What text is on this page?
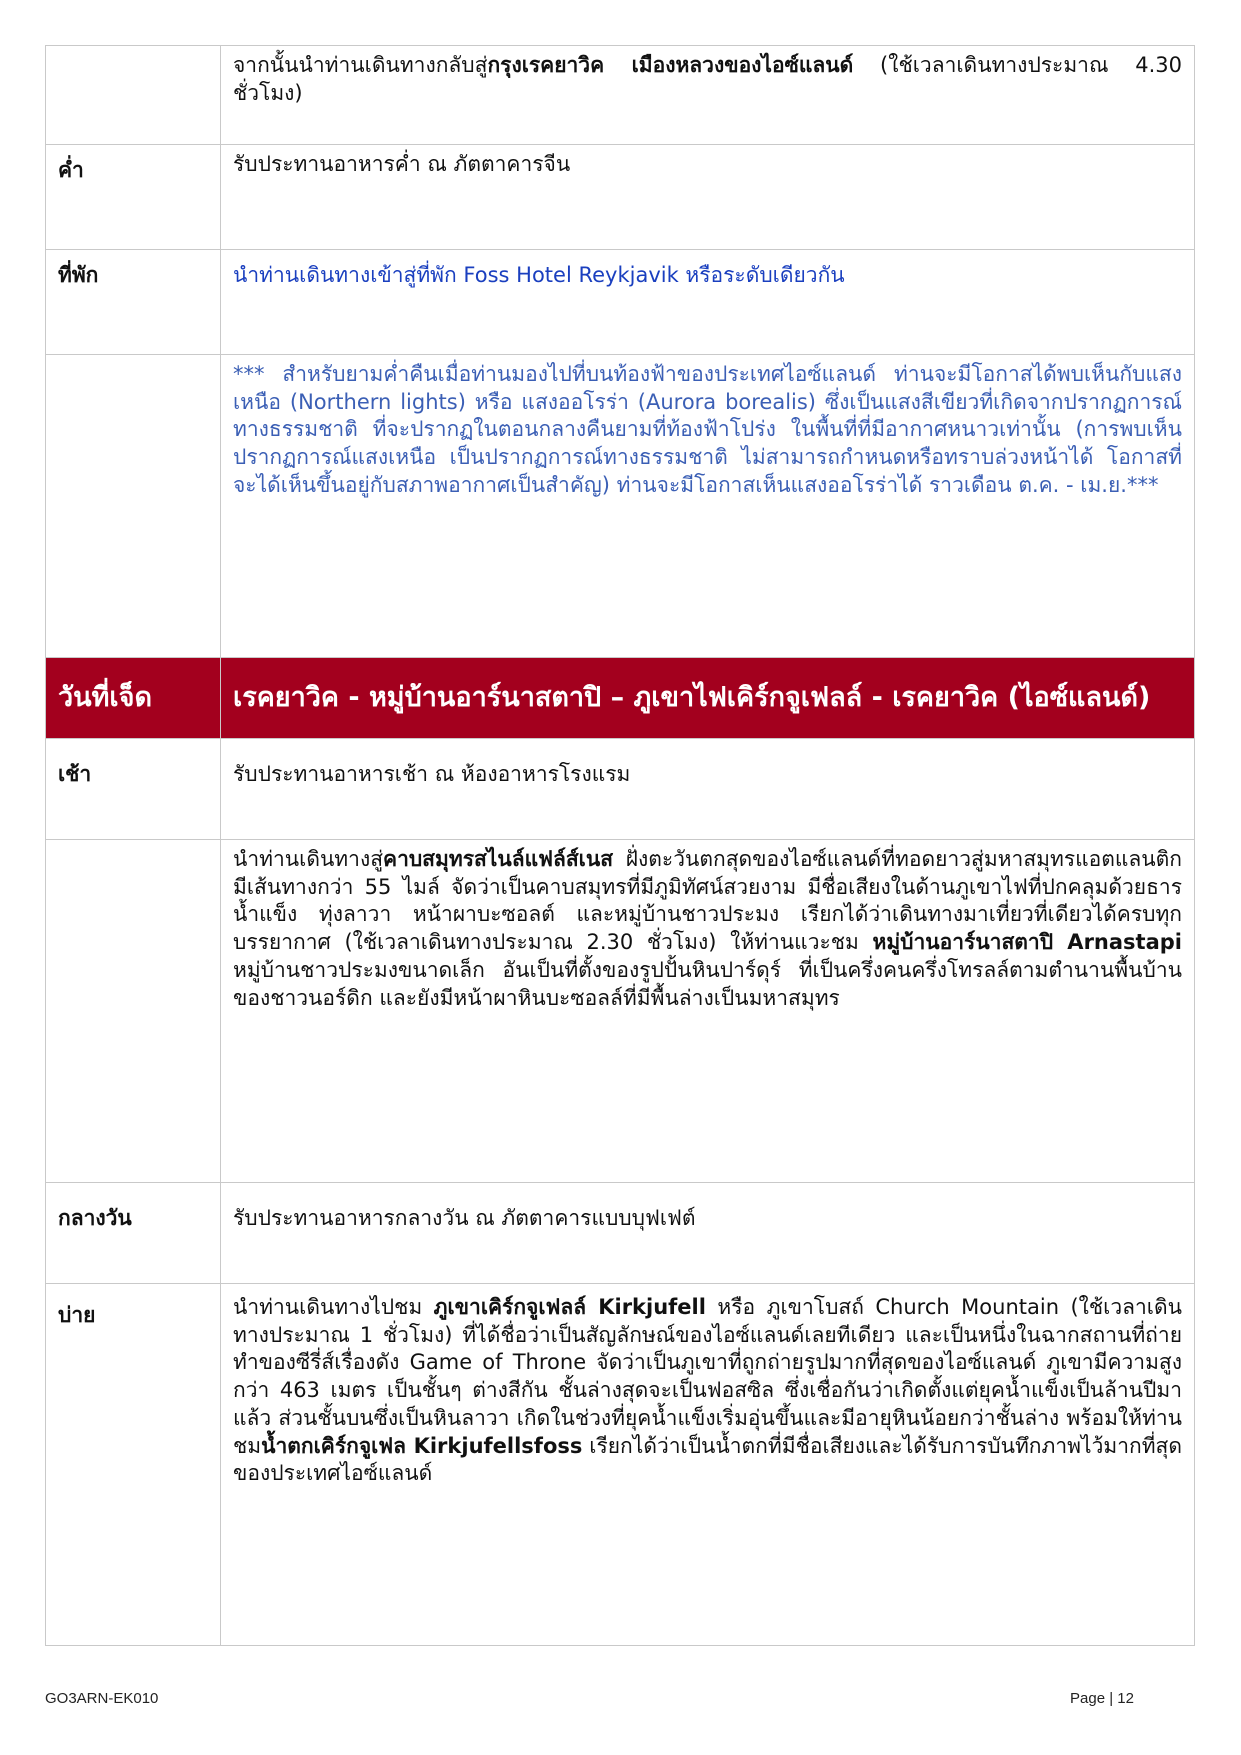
	จากนั้นนำท่านเดินทางกลับสู่กรุงเรคยาวิค เมืองหลวงของไอซ์แลนด์ (ใช้เวลาเดินทางประมาณ 4.30 ชั่วโมง)
ค่ำ	รับประทานอาหารค่ำ ณ ภัตตาคารจีน
ที่พัก	นำท่านเดินทางเข้าสู่ที่พัก Foss Hotel Reykjavik หรือระดับเดียวกัน
	*** สำหรับยามค่ำคืนเมื่อท่านมองไปที่บนท้องฟ้าของประเทศไอซ์แลนด์ ท่านจะมีโอกาสได้พบเห็นกับแสงเหนือ (Northern lights) หรือ แสงออโรร่า (Aurora borealis) ซึ่งเป็นแสงสีเขียวที่เกิดจากปรากฏการณ์ทางธรรมชาติ ที่จะปรากฏในตอนกลางคืนยามที่ท้องฟ้าโปร่ง ในพื้นที่ที่มีอากาศหนาวเท่านั้น (การพบเห็นปรากฏการณ์แสงเหนือ เป็นปรากฏการณ์ทางธรรมชาติ ไม่สามารถกำหนดหรือทราบล่วงหน้าได้ โอกาสที่จะได้เห็นขึ้นอยู่กับสภาพอากาศเป็นสำคัญ) ท่านจะมีโอกาสเห็นแสงออโรร่าได้ ราวเดือน ต.ค. - เม.ย.***
วันที่เจ็ด	เรคยาวิค - หมู่บ้านอาร์นาสตาปิ – ภูเขาไฟเคิร์กจูเฟลล์ - เรคยาวิค (ไอซ์แลนด์)
เช้า	รับประทานอาหารเช้า ณ ห้องอาหารโรงแรม
	นำท่านเดินทางสู่คาบสมุทรสไนล์แฟล์ส์เนส ฝั่งตะวันตกสุดของไอซ์แลนด์ที่ทอดยาวสู่มหาสมุทรแอตแลนติกมีเส้นทางกว่า 55 ไมล์ จัดว่าเป็นคาบสมุทรที่มีภูมิทัศน์สวยงาม มีชื่อเสียงในด้านภูเขาไฟที่ปกคลุมด้วยธารน้ำแข็ง ทุ่งลาวา หน้าผาบะซอลต์ และหมู่บ้านชาวประมง เรียกได้ว่าเดินทางมาเที่ยวที่เดียวได้ครบทุกบรรยากาศ (ใช้เวลาเดินทางประมาณ 2.30 ชั่วโมง) ให้ท่านแวะชม หมู่บ้านอาร์นาสตาปิ Arnastapi หมู่บ้านชาวประมงขนาดเล็ก อันเป็นที่ตั้งของรูปปั้นหินปาร์ดุร์ ที่เป็นครึ่งคนครึ่งโทรลล์ตามตำนานพื้นบ้านของชาวนอร์ดิก และยังมีหน้าผาหินบะซอลล์ที่มีพื้นล่างเป็นมหาสมุทร
กลางวัน	รับประทานอาหารกลางวัน ณ ภัตตาคารแบบบุฟเฟต์
บ่าย	นำท่านเดินทางไปชม ภูเขาเคิร์กจูเฟลล์ Kirkjufell หรือ ภูเขาโบสถ์ Church Mountain (ใช้เวลาเดินทางประมาณ 1 ชั่วโมง) ที่ได้ชื่อว่าเป็นสัญลักษณ์ของไอซ์แลนด์เลยทีเดียว และเป็นหนึ่งในฉากสถานที่ถ่ายทำของซีรี่ส์เรื่องดัง Game of Throne จัดว่าเป็นภูเขาที่ถูกถ่ายรูปมากที่สุดของไอซ์แลนด์ ภูเขามีความสูงกว่า 463 เมตร เป็นชั้นๆ ต่างสีกัน ชั้นล่างสุดจะเป็นฟอสซิล ซึ่งเชื่อกันว่าเกิดตั้งแต่ยุคน้ำแข็งเป็นล้านปีมาแล้ว ส่วนชั้นบนซึ่งเป็นหินลาวา เกิดในช่วงที่ยุคน้ำแข็งเริ่มอุ่นขึ้นและมีอายุหินน้อยกว่าชั้นล่าง พร้อมให้ท่านชมน้ำตกเคิร์กจูเฟล Kirkjufellsfoss เรียกได้ว่าเป็นน้ำตกที่มีชื่อเสียงและได้รับการบันทึกภาพไว้มากที่สุดของประเทศไอซ์แลนด์
GO3ARN-EK010	Page | 12
